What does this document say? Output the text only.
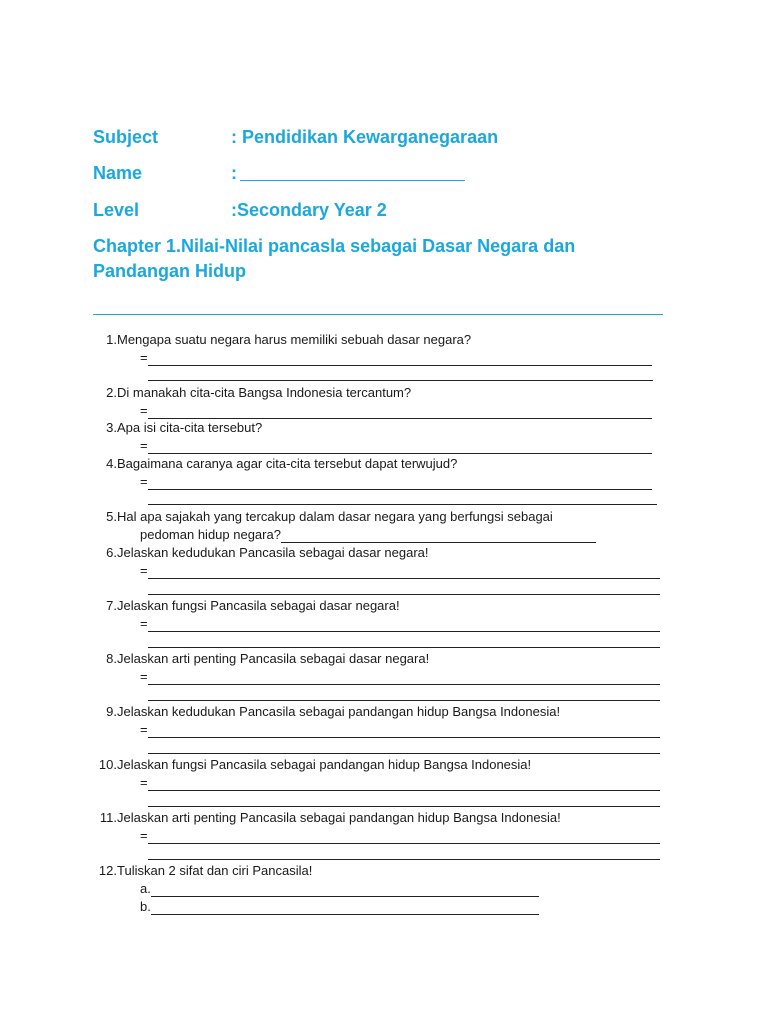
Subject	: Pendidikan Kewarganegaraan
Name	:
Level	:Secondary Year 2
Chapter 1.Nilai-Nilai pancasla sebagai Dasar Negara dan Pandangan Hidup
1. Mengapa suatu negara harus memiliki sebuah dasar negara?
=
2. Di manakah cita-cita Bangsa Indonesia tercantum?
=
3. Apa isi cita-cita tersebut?
=
4. Bagaimana caranya agar cita-cita tersebut dapat terwujud?
=
5. Hal apa sajakah yang tercakup dalam dasar negara yang berfungsi sebagai
pedoman hidup negara?
6. Jelaskan kedudukan Pancasila sebagai dasar negara!
=
7. Jelaskan fungsi Pancasila sebagai dasar negara!
=
8. Jelaskan arti penting Pancasila sebagai dasar negara!
=
9. Jelaskan kedudukan Pancasila sebagai pandangan hidup Bangsa Indonesia!
=
10. Jelaskan fungsi Pancasila sebagai pandangan hidup Bangsa Indonesia!
=
11. Jelaskan arti penting Pancasila sebagai pandangan hidup Bangsa Indonesia!
=
12. Tuliskan 2 sifat dan ciri Pancasila!
a.
b.
